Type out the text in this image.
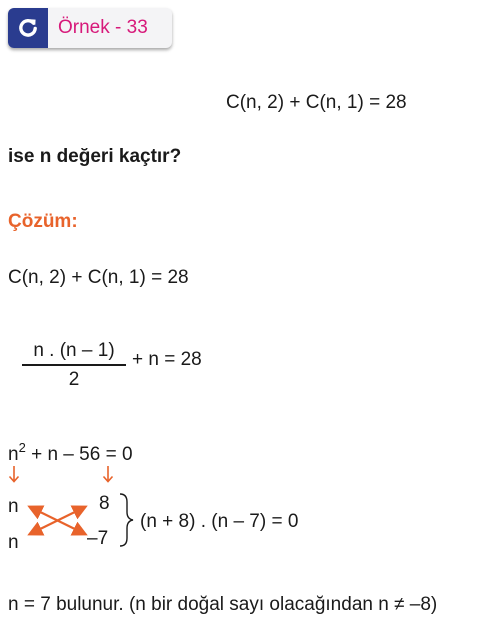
Örnek - 33
C(n, 2) + C(n, 1) = 28
ise n değeri kaçtır?
Çözüm:
C(n, 2) + C(n, 1) = 28
n . (n – 1)
2
+ n = 28
$n^2 + n - 56 = 0$
n
n
8
–7
(n + 8) . (n – 7) = 0
n = 7 bulunur. (n bir doğal sayı olacağından n ≠ –8)
